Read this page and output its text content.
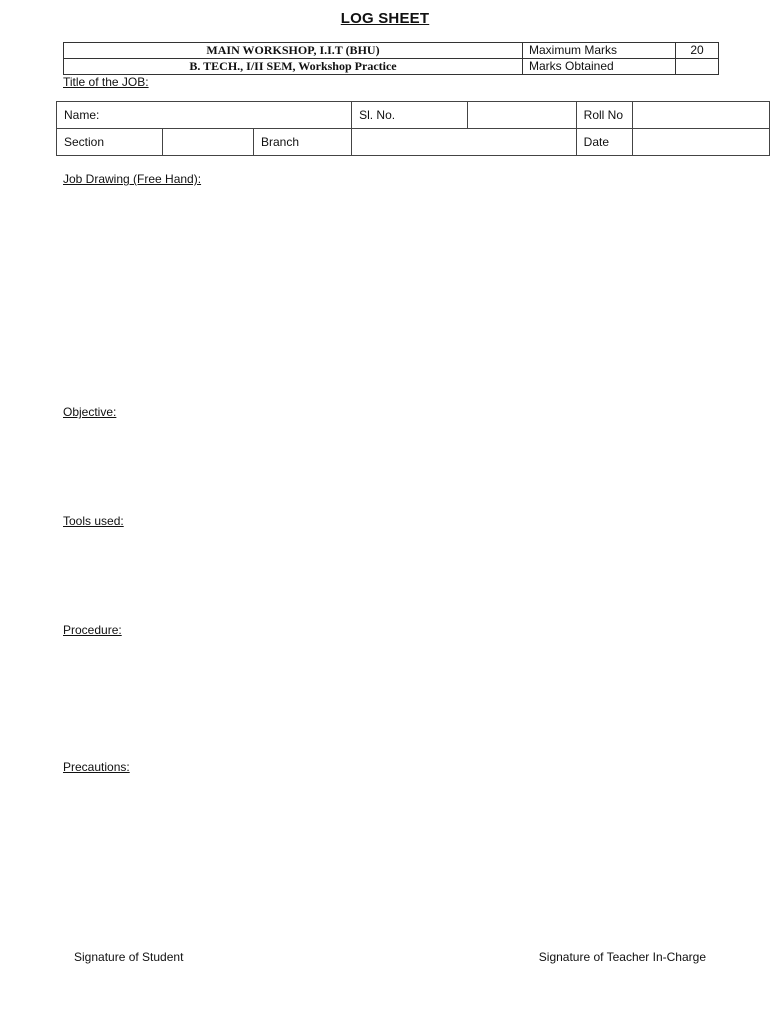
LOG SHEET
MAIN WORKSHOP, I.I.T (BHU)	Maximum Marks	20
B. TECH., I/II SEM, Workshop Practice	Marks Obtained	
Title of the JOB:
Name:			Sl. No.		Roll No	
Section		Branch			Date	
Job Drawing (Free Hand):
Objective:
Tools used:
Procedure:
Precautions:
Signature of Student	Signature of Teacher In-Charge
